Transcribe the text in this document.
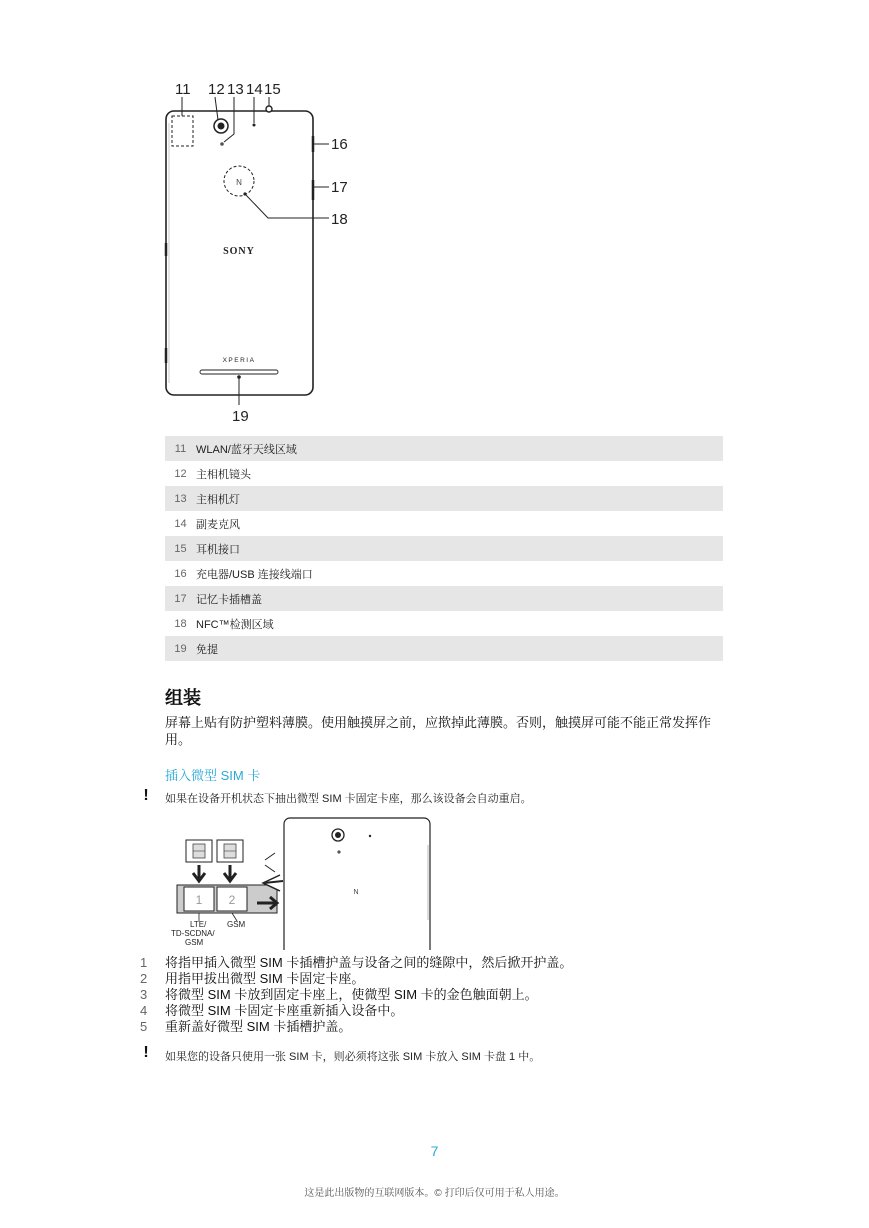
11 12 13 14 15
16
17
18
19
N
SONY
XPERIA
11 WLAN/蓝牙天线区域
12 主相机镜头
13 主相机灯
14 副麦克风
15 耳机接口
16 充电器/USB 连接线端口
17 记忆卡插槽盖
18 NFC™检测区域
19 免提
组装
屏幕上贴有防护塑料薄膜。使用触摸屏之前，应揿掉此薄膜。否则，触摸屏可能不能正常发挥作用。
插入微型 SIM 卡
! 如果在设备开机状态下抽出微型 SIM 卡固定卡座，那么该设备会自动重启。
1 2
LTE/
TD-SCDNA/
GSM
GSM
N
1	将指甲插入微型 SIM 卡插槽护盖与设备之间的缝隙中，然后掀开护盖。
2	用指甲拔出微型 SIM 卡固定卡座。
3	将微型 SIM 卡放到固定卡座上，使微型 SIM 卡的金色触面朝上。
4	将微型 SIM 卡固定卡座重新插入设备中。
5	重新盖好微型 SIM 卡插槽护盖。
! 如果您的设备只使用一张 SIM 卡，则必须将这张 SIM 卡放入 SIM 卡盘 1 中。
7
这是此出版物的互联网版本。© 打印后仅可用于私人用途。
